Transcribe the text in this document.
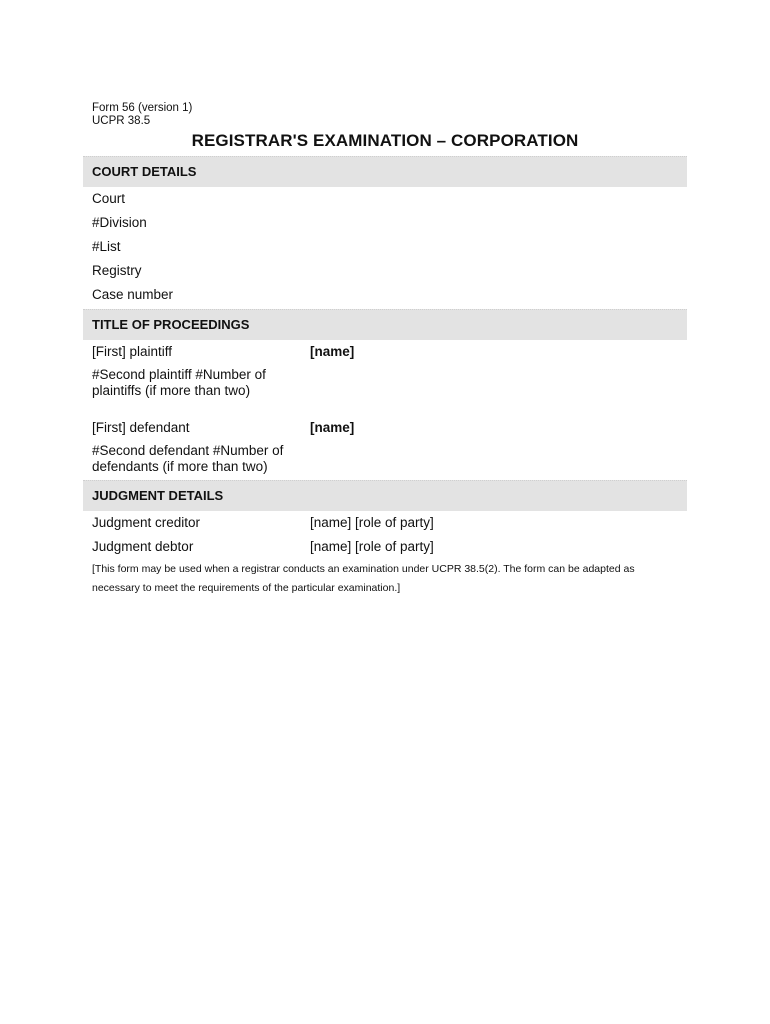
Form 56 (version 1)
UCPR 38.5
REGISTRAR'S EXAMINATION – CORPORATION
COURT DETAILS
Court
#Division
#List
Registry
Case number
TITLE OF PROCEEDINGS
[First] plaintiff	[name]
#Second plaintiff #Number of plaintiffs (if more than two)
[First] defendant	[name]
#Second defendant #Number of defendants (if more than two)
JUDGMENT DETAILS
Judgment creditor	[name] [role of party]
Judgment debtor	[name] [role of party]
[This form may be used when a registrar conducts an examination under UCPR 38.5(2). The form can be adapted as necessary to meet the requirements of the particular examination.]
